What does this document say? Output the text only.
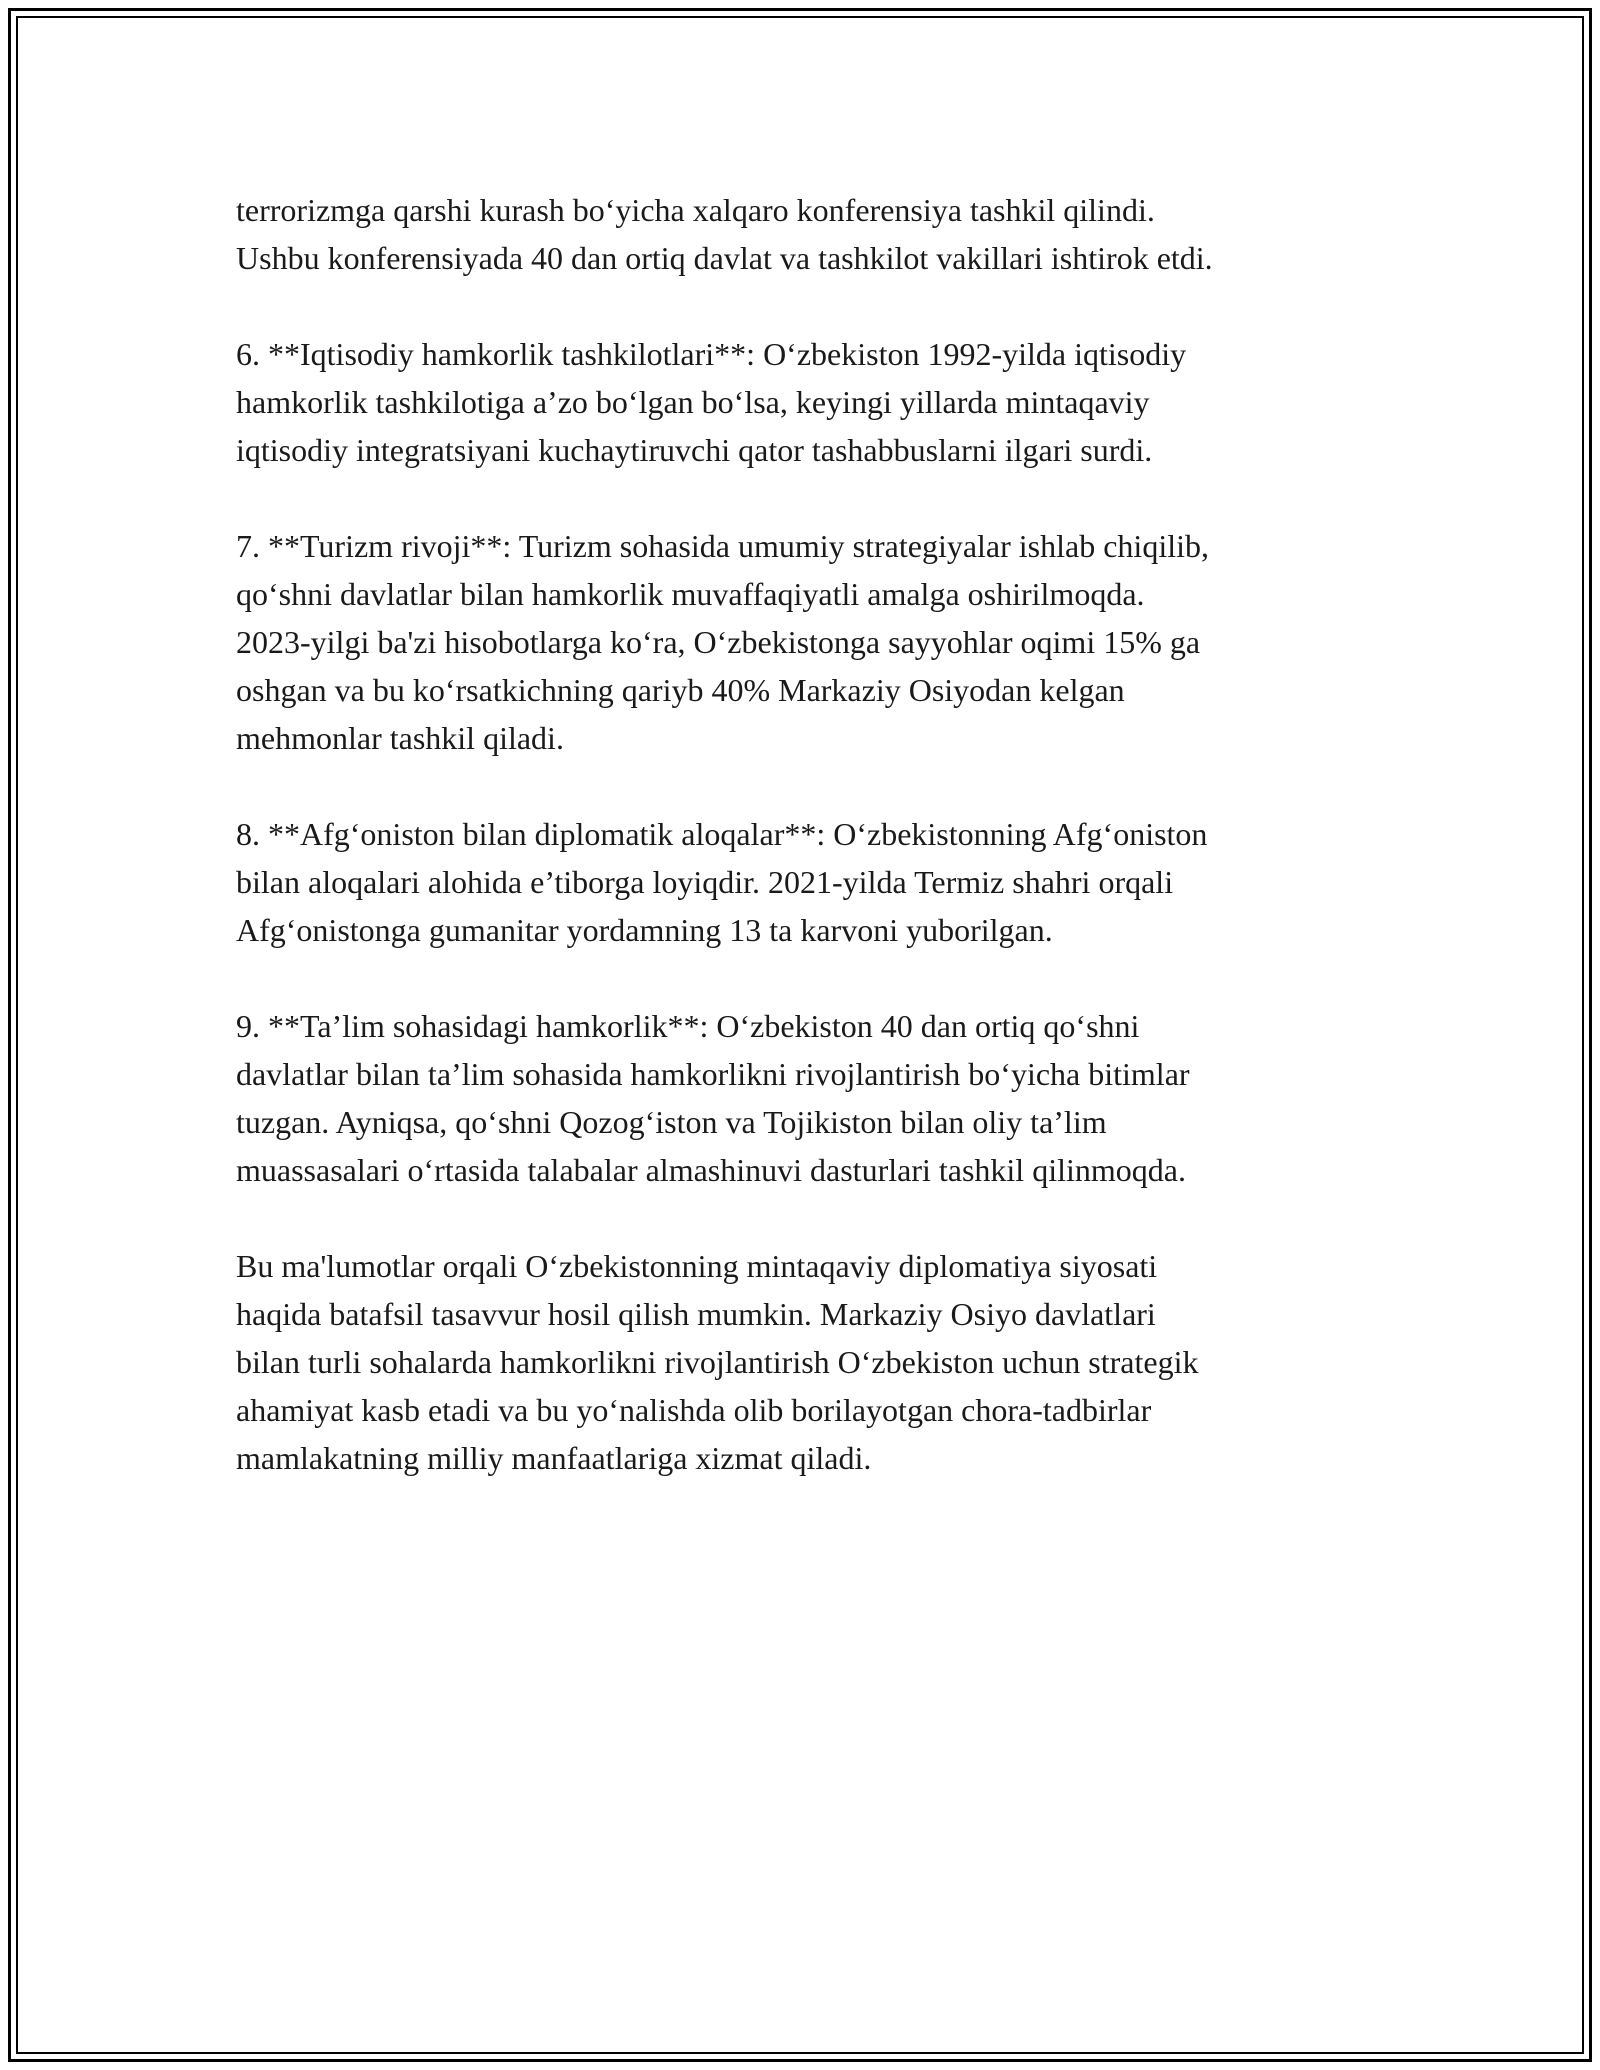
terrorizmga qarshi kurash bo‘yicha xalqaro konferensiya tashkil qilindi.
Ushbu konferensiyada 40 dan ortiq davlat va tashkilot vakillari ishtirok etdi.

6. **Iqtisodiy hamkorlik tashkilotlari**: O‘zbekiston 1992-yilda iqtisodiy
hamkorlik tashkilotiga a’zo bo‘lgan bo‘lsa, keyingi yillarda mintaqaviy
iqtisodiy integratsiyani kuchaytiruvchi qator tashabbuslarni ilgari surdi.

7. **Turizm rivoji**: Turizm sohasida umumiy strategiyalar ishlab chiqilib,
qo‘shni davlatlar bilan hamkorlik muvaffaqiyatli amalga oshirilmoqda.
2023-yilgi ba'zi hisobotlarga ko‘ra, O‘zbekistonga sayyohlar oqimi 15% ga
oshgan va bu ko‘rsatkichning qariyb 40% Markaziy Osiyodan kelgan
mehmonlar tashkil qiladi.

8. **Afg‘oniston bilan diplomatik aloqalar**: O‘zbekistonning Afg‘oniston
bilan aloqalari alohida e’tiborga loyiqdir. 2021-yilda Termiz shahri orqali
Afg‘onistonga gumanitar yordamning 13 ta karvoni yuborilgan.

9. **Ta’lim sohasidagi hamkorlik**: O‘zbekiston 40 dan ortiq qo‘shni
davlatlar bilan ta’lim sohasida hamkorlikni rivojlantirish bo‘yicha bitimlar
tuzgan. Ayniqsa, qo‘shni Qozog‘iston va Tojikiston bilan oliy ta’lim
muassasalari o‘rtasida talabalar almashinuvi dasturlari tashkil qilinmoqda.

Bu ma'lumotlar orqali O‘zbekistonning mintaqaviy diplomatiya siyosati
haqida batafsil tasavvur hosil qilish mumkin. Markaziy Osiyo davlatlari
bilan turli sohalarda hamkorlikni rivojlantirish O‘zbekiston uchun strategik
ahamiyat kasb etadi va bu yo‘nalishda olib borilayotgan chora-tadbirlar
mamlakatning milliy manfaatlariga xizmat qiladi.
